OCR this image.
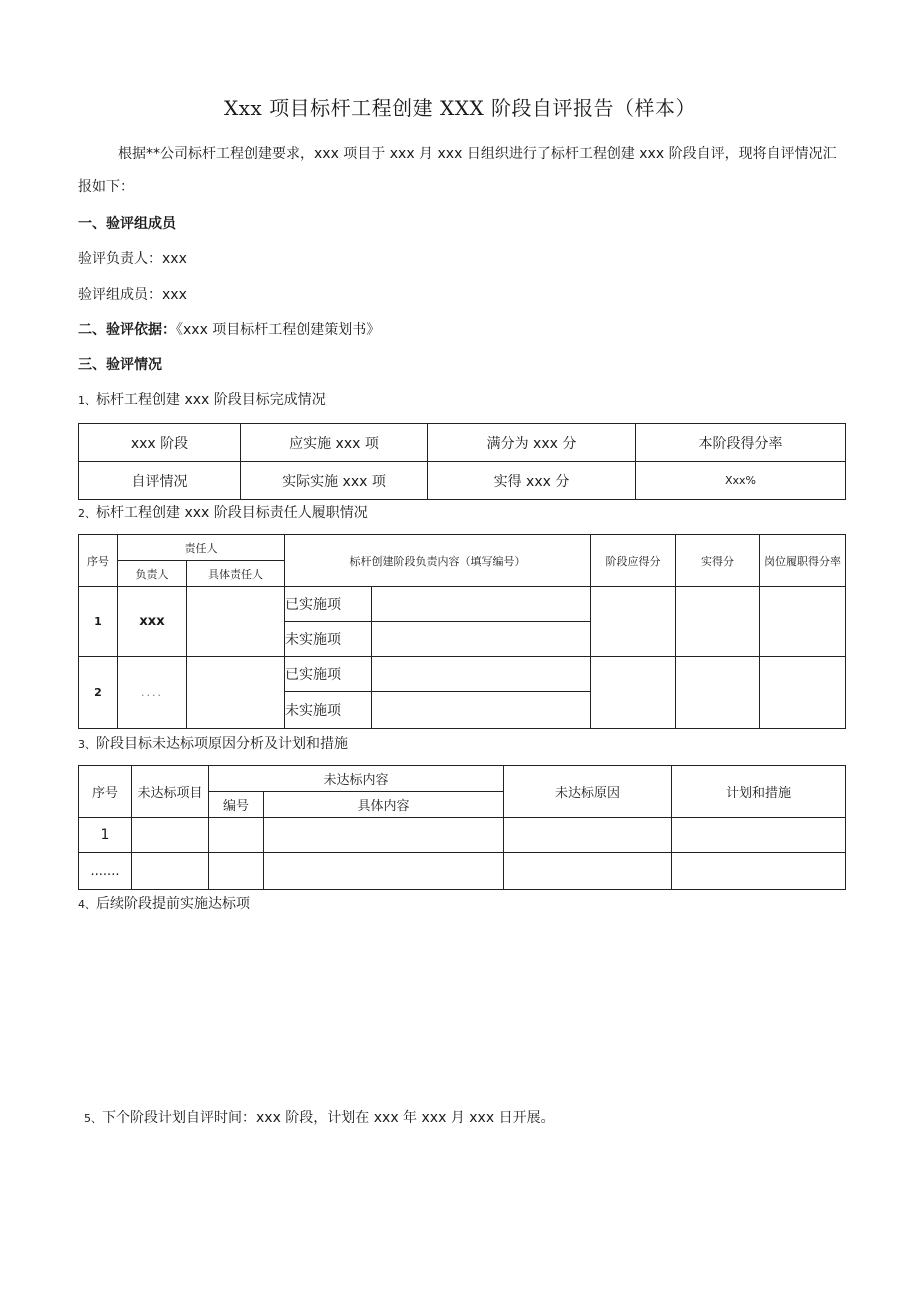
Xxx 项目标杆工程创建 XXX 阶段自评报告（样本）
根据**公司标杆工程创建要求，xxx 项目于 xxx 月 xxx 日组织进行了标杆工程创建 xxx 阶段自评，现将自评情况汇报如下：
一、验评组成员
验评负责人：xxx
验评组成员：xxx
二、验评依据：《xxx 项目标杆工程创建策划书》
三、验评情况
1、标杆工程创建 xxx 阶段目标完成情况
xxx 阶段	应实施 xxx 项	满分为 xxx 分	本阶段得分率
自评情况	实际实施 xxx 项	实得 xxx 分	Xxx%
2、标杆工程创建 xxx 阶段目标责任人履职情况
序号	责任人		标杆创建阶段负责内容（填写编号）		阶段应得分	实得分	岗位履职得分率
	负责人	具体责任人					
1	xxx		已实施项				
			未实施项				
2	....		已实施项				
			未实施项				
3、阶段目标未达标项原因分析及计划和措施
序号	未达标项目	未达标内容		未达标原因	计划和措施
		编号	具体内容		
1					
.......					
4、后续阶段提前实施达标项
5、下个阶段计划自评时间：xxx 阶段，计划在 xxx 年 xxx 月 xxx 日开展。
